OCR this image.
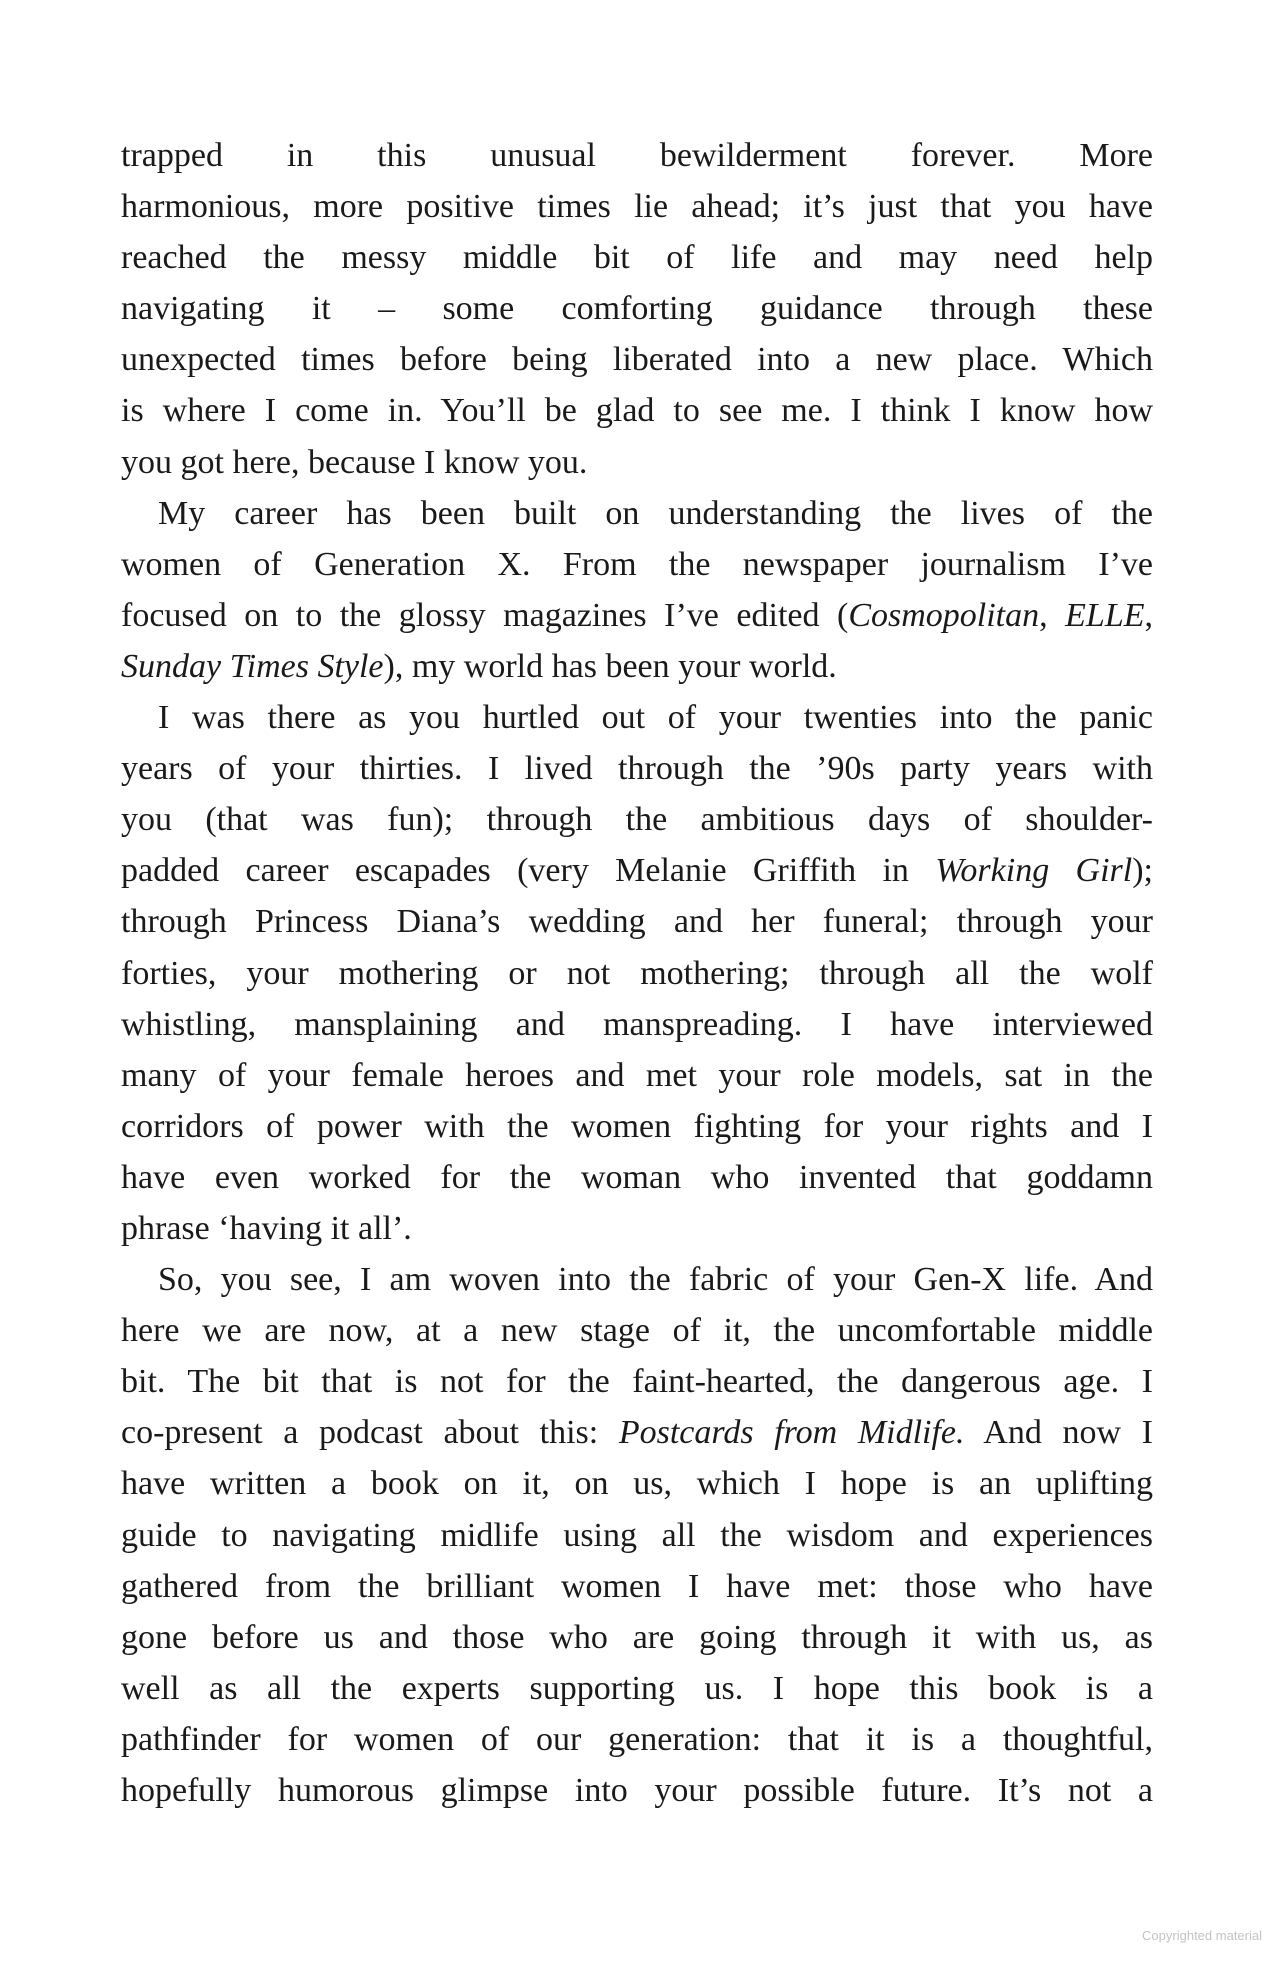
trapped in this unusual bewilderment forever. More
harmonious, more positive times lie ahead; it’s just that you have
reached the messy middle bit of life and may need help
navigating it – some comforting guidance through these
unexpected times before being liberated into a new place. Which
is where I come in. You’ll be glad to see me. I think I know how
you got here, because I know you.
My career has been built on understanding the lives of the
women of Generation X. From the newspaper journalism I’ve
focused on to the glossy magazines I’ve edited (Cosmopolitan, ELLE,
Sunday Times Style), my world has been your world.
I was there as you hurtled out of your twenties into the panic
years of your thirties. I lived through the ’90s party years with
you (that was fun); through the ambitious days of shoulder-
padded career escapades (very Melanie Griffith in Working Girl);
through Princess Diana’s wedding and her funeral; through your
forties, your mothering or not mothering; through all the wolf
whistling, mansplaining and manspreading. I have interviewed
many of your female heroes and met your role models, sat in the
corridors of power with the women fighting for your rights and I
have even worked for the woman who invented that goddamn
phrase ‘having it all’.
So, you see, I am woven into the fabric of your Gen-X life. And
here we are now, at a new stage of it, the uncomfortable middle
bit. The bit that is not for the faint-hearted, the dangerous age. I
co-present a podcast about this: Postcards from Midlife. And now I
have written a book on it, on us, which I hope is an uplifting
guide to navigating midlife using all the wisdom and experiences
gathered from the brilliant women I have met: those who have
gone before us and those who are going through it with us, as
well as all the experts supporting us. I hope this book is a
pathfinder for women of our generation: that it is a thoughtful,
hopefully humorous glimpse into your possible future. It’s not a
Copyrighted material
